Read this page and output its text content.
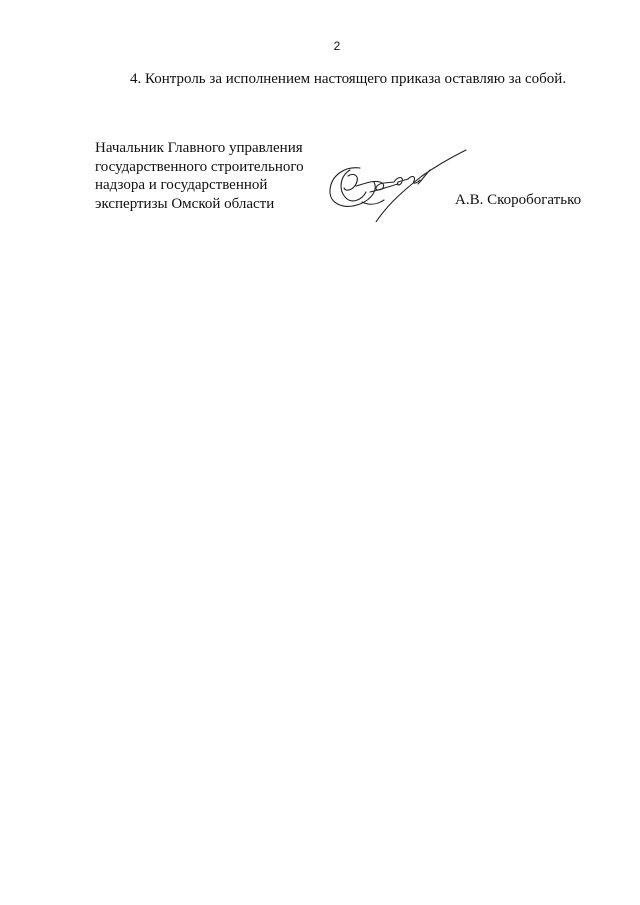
2
4. Контроль за исполнением настоящего приказа оставляю за собой.
Начальник Главного управления
государственного строительного
надзора и государственной
экспертизы Омской области	А.В. Скоробогатько
